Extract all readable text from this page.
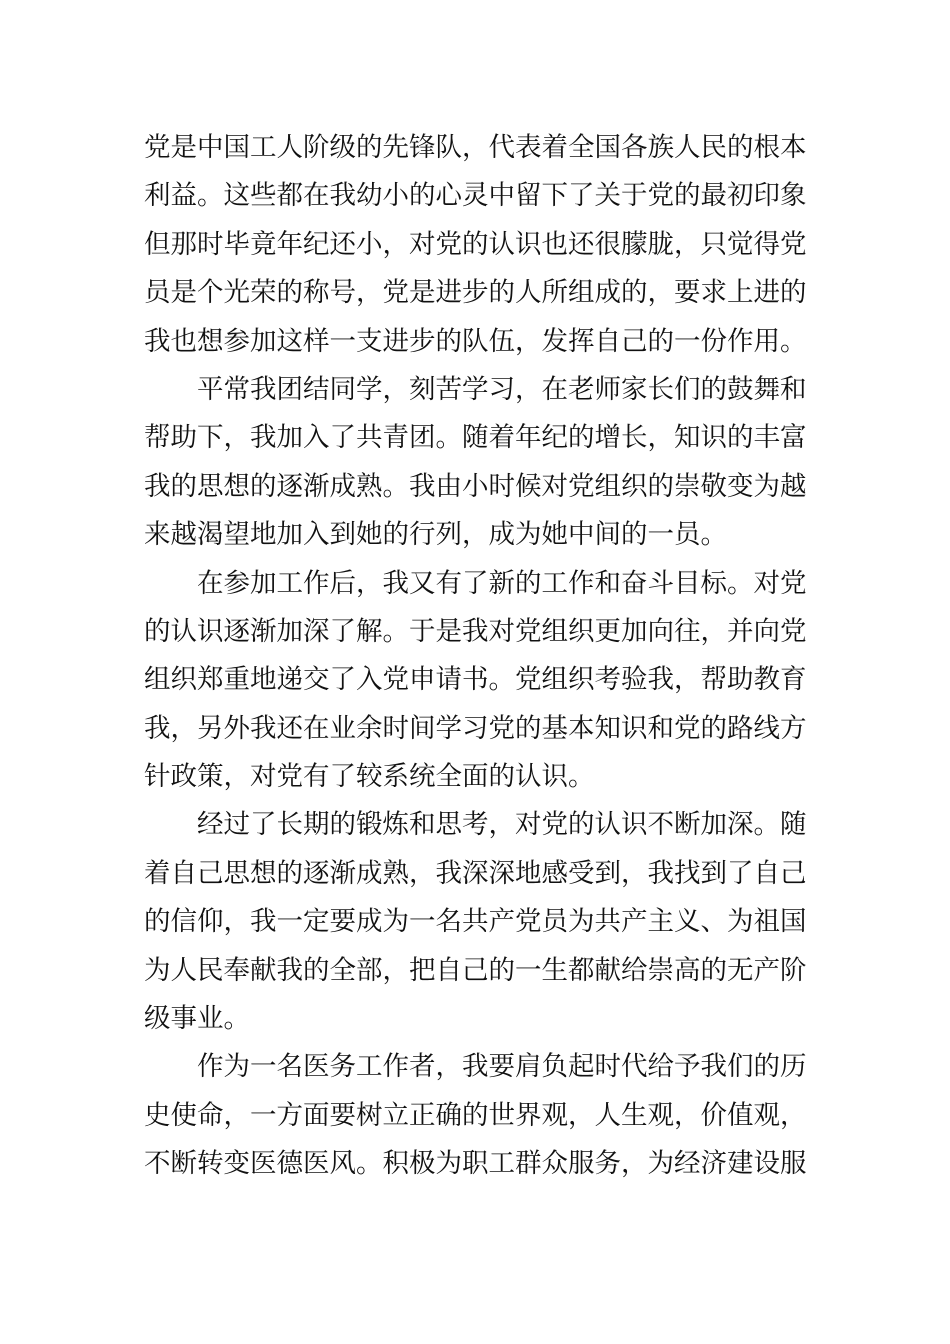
党是中国工人阶级的先锋队，代表着全国各族人民的根本
利益。这些都在我幼小的心灵中留下了关于党的最初印象
但那时毕竟年纪还小，对党的认识也还很朦胧，只觉得党
员是个光荣的称号，党是进步的人所组成的，要求上进的
我也想参加这样一支进步的队伍，发挥自己的一份作用。
平常我团结同学，刻苦学习，在老师家长们的鼓舞和
帮助下，我加入了共青团。随着年纪的增长，知识的丰富
我的思想的逐渐成熟。我由小时候对党组织的崇敬变为越
来越渴望地加入到她的行列，成为她中间的一员。
在参加工作后，我又有了新的工作和奋斗目标。对党
的认识逐渐加深了解。于是我对党组织更加向往，并向党
组织郑重地递交了入党申请书。党组织考验我，帮助教育
我，另外我还在业余时间学习党的基本知识和党的路线方
针政策，对党有了较系统全面的认识。
经过了长期的锻炼和思考，对党的认识不断加深。随
着自己思想的逐渐成熟，我深深地感受到，我找到了自己
的信仰，我一定要成为一名共产党员为共产主义、为祖国
为人民奉献我的全部，把自己的一生都献给崇高的无产阶
级事业。
作为一名医务工作者，我要肩负起时代给予我们的历
史使命，一方面要树立正确的世界观，人生观，价值观，
不断转变医德医风。积极为职工群众服务，为经济建设服
